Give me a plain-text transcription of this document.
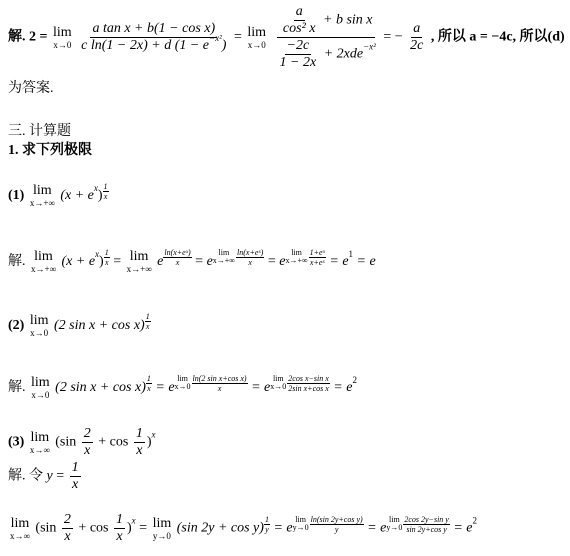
解. 2 = lim
x→0
$\frac{\text{a tan x + b(1 − cos x)}}{c \ln(1 - 2x) + d (1 - e^{-x^2})} = \lim$
x→0
$\frac{\frac{a}{\text{cos² x}} + b \sin x}{\frac{-2c}{1 - 2x} + 2xde^{-x^2}}$ = − $\frac{a}{2c}$ , 所以 a = −4c, 所以(d)
为答案.
三. 计算题
1. 求下列极限
(1) lim
x→+∞ $(x + e^x) \frac{1}{x}$
解. lim
x→+∞ $(x + e^x) \frac{1}{x} = \lim$
x→+∞ e $\frac{\text{ln(x+eˣ)}}{x} = e$
lim
$x\to+\infty \frac{\text{ln(x+eˣ)}}{x} = e$
lim
$x\to+\infty \frac{\text{1+eˣ}}{\text{x+eˣ}} = e^1 = e$
(2) lim
x→0 (2 $\sin x + \cos x) \frac{1}{x}$
解. lim
x→0 (2 $\sin x + \cos x) \frac{1}{x} = e$
lim
$x\to 0 \frac{\text{ln(2 sin x+cos x)}}{x} = e$
lim
$x\to 0 \frac{\text{2cos x−sin x}}{\text{2sin x+cos x}} = e^2$
(3) lim
x→∞ $(\sin \frac{2}{x} + \cos \frac{1}{x} )^x$
解. 令 $y = \frac{1}{x}$
lim
x→∞ $(\sin \frac{2}{x} + \cos \frac{1}{x} )^x = \lim$
y→0 (sin $2y + \cos y) \frac{1}{y} = e$
lim
$y\to 0 \frac{\text{ln(sin 2y+cos y)}}{y} = e$
lim
$y\to 0 \frac{\text{2cos 2y−sin y}}{\text{sin 2y+cos y}} = e^2$
